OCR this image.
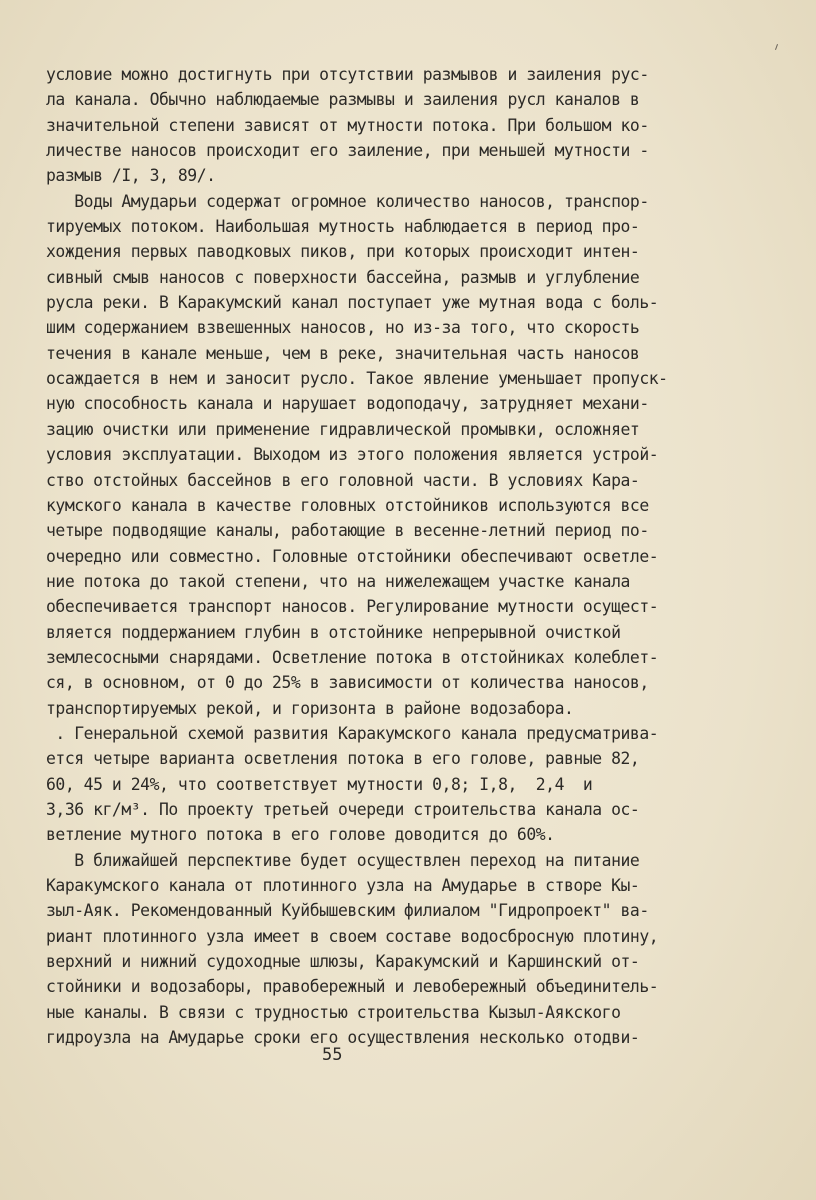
условие можно достигнуть при отсутствии размывов и заиления рус-
ла канала. Обычно наблюдаемые размывы и заиления русл каналов в
значительной степени зависят от мутности потока. При большом ко-
личестве наносов происходит его заиление, при меньшей мутности -
размыв /I, 3, 89/.
Воды Амударьи содержат огромное количество наносов, транспор-
тируемых потоком. Наибольшая мутность наблюдается в период про-
хождения первых паводковых пиков, при которых происходит интен-
сивный смыв наносов с поверхности бассейна, размыв и углубление
русла реки. В Каракумский канал поступает уже мутная вода с боль-
шим содержанием взвешенных наносов, но из-за того, что скорость
течения в канале меньше, чем в реке, значительная часть наносов
осаждается в нем и заносит русло. Такое явление уменьшает пропуск-
ную способность канала и нарушает водоподачу, затрудняет механи-
зацию очистки или применение гидравлической промывки, осложняет
условия эксплуатации. Выходом из этого положения является устрой-
ство отстойных бассейнов в его головной части. В условиях Кара-
кумского канала в качестве головных отстойников используются все
четыре подводящие каналы, работающие в весенне-летний период по-
очередно или совместно. Головные отстойники обеспечивают осветле-
ние потока до такой степени, что на нижележащем участке канала
обеспечивается транспорт наносов. Регулирование мутности осущест-
вляется поддержанием глубин в отстойнике непрерывной очисткой
землесосными снарядами. Осветление потока в отстойниках колеблет-
ся, в основном, от 0 до 25% в зависимости от количества наносов,
транспортируемых рекой, и горизонта в районе водозабора.
. Генеральной схемой развития Каракумского канала предусматрива-
ется четыре варианта осветления потока в его голове, равные 82,
60, 45 и 24%, что соответствует мутности 0,8; I,8,  2,4  и
3,36 кг/м³. По проекту третьей очереди строительства канала ос-
ветление мутного потока в его голове доводится до 60%.
В ближайшей перспективе будет осуществлен переход на питание
Каракумского канала от плотинного узла на Амударье в створе Кы-
зыл-Аяк. Рекомендованный Куйбышевским филиалом "Гидропроект" ва-
риант плотинного узла имеет в своем составе водосбросную плотину,
верхний и нижний судоходные шлюзы, Каракумский и Каршинский от-
стойники и водозаборы, правобережный и левобережный объединитель-
ные каналы. В связи с трудностью строительства Кызыл-Аякского
гидроузла на Амударье сроки его осуществления несколько отодви-
55
